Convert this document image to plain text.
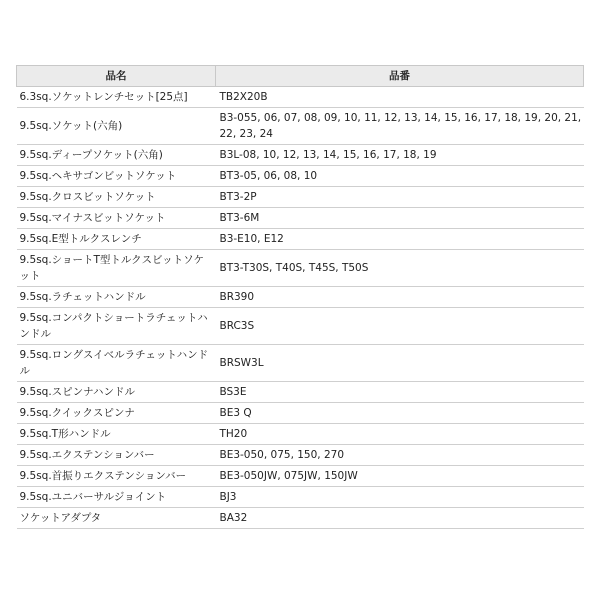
品名	品番
6.3sq.ソケットレンチセット[25点]	TB2X20B
9.5sq.ソケット(六角)	B3-055, 06, 07, 08, 09, 10, 11, 12, 13, 14, 15, 16, 17, 18, 19, 20, 21, 22, 23, 24
9.5sq.ディープソケット(六角)	B3L-08, 10, 12, 13, 14, 15, 16, 17, 18, 19
9.5sq.ヘキサゴンビットソケット	BT3-05, 06, 08, 10
9.5sq.クロスビットソケット	BT3-2P
9.5sq.マイナスビットソケット	BT3-6M
9.5sq.E型トルクスレンチ	B3-E10, E12
9.5sq.ショートT型トルクスビットソケット	BT3-T30S, T40S, T45S, T50S
9.5sq.ラチェットハンドル	BR390
9.5sq.コンパクトショートラチェットハンドル	BRC3S
9.5sq.ロングスイベルラチェットハンドル	BRSW3L
9.5sq.スピンナハンドル	BS3E
9.5sq.クイックスピンナ	BE3 Q
9.5sq.T形ハンドル	TH20
9.5sq.エクステンションバー	BE3-050, 075, 150, 270
9.5sq.首振りエクステンションバー	BE3-050JW, 075JW, 150JW
9.5sq.ユニバーサルジョイント	BJ3
ソケットアダプタ	BA32
